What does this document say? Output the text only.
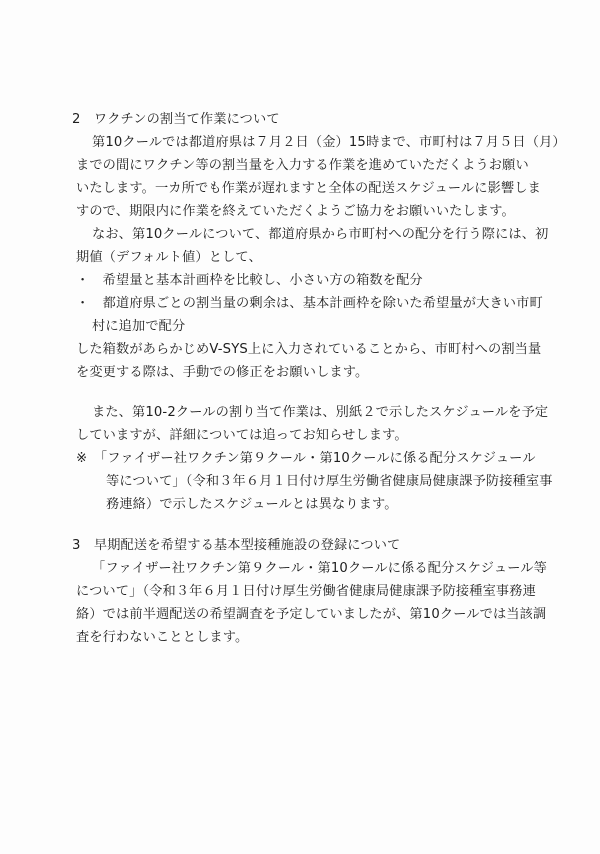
2　ワクチンの割当て作業について
第10クールでは都道府県は７月２日（金）15時まで、市町村は７月５日（月）
までの間にワクチン等の割当量を入力する作業を進めていただくようお願い
いたします。一カ所でも作業が遅れますと全体の配送スケジュールに影響しま
すので、期限内に作業を終えていただくようご協力をお願いいたします。
なお、第10クールについて、都道府県から市町村への配分を行う際には、初
期値（デフォルト値）として、
・　希望量と基本計画枠を比較し、小さい方の箱数を配分
・　都道府県ごとの割当量の剰余は、基本計画枠を除いた希望量が大きい市町
村に追加で配分
した箱数があらかじめV-SYS上に入力されていることから、市町村への割当量
を変更する際は、手動での修正をお願いします。
また、第10-2クールの割り当て作業は、別紙２で示したスケジュールを予定
していますが、詳細については追ってお知らせします。
※　「ファイザー社ワクチン第９クール・第10クールに係る配分スケジュール
等について」（令和３年６月１日付け厚生労働省健康局健康課予防接種室事
務連絡）で示したスケジュールとは異なります。
3　早期配送を希望する基本型接種施設の登録について
「ファイザー社ワクチン第９クール・第10クールに係る配分スケジュール等
について」（令和３年６月１日付け厚生労働省健康局健康課予防接種室事務連
絡）では前半週配送の希望調査を予定していましたが、第10クールでは当該調
査を行わないこととします。
